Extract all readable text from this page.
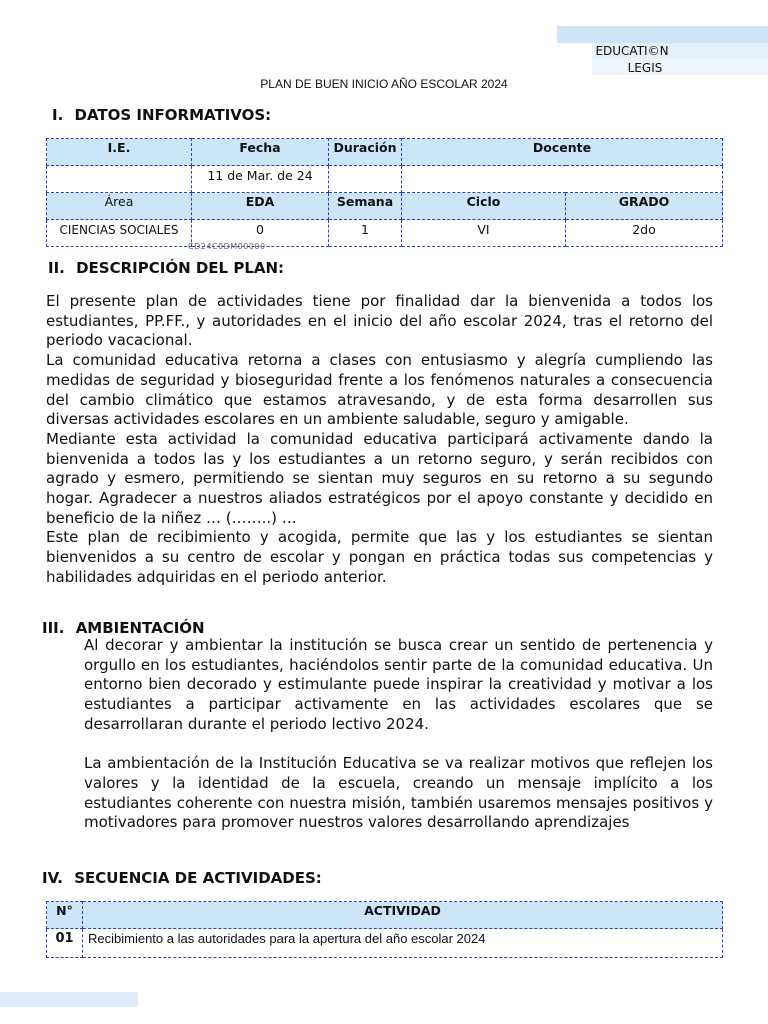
EDUCATI©N
LEGIS
PLAN DE BUEN INICIO AÑO ESCOLAR 2024
I. DATOS INFORMATIVOS:
I.E.	Fecha	Duración	Docente	
	11 de Mar. de 24			
Área	EDA	Semana	Ciclo	GRADO
CIENCIAS SOCIALES	0	1	VI	2do
CD24C0DM00000
II. DESCRIPCIÓN DEL PLAN:
El presente plan de actividades tiene por finalidad dar la bienvenida a todos los estudiantes, PP.FF., y autoridades en el inicio del año escolar 2024, tras el retorno del periodo vacacional.
La comunidad educativa retorna a clases con entusiasmo y alegría cumpliendo las medidas de seguridad y bioseguridad frente a los fenómenos naturales a consecuencia del cambio climático que estamos atravesando, y de esta forma desarrollen sus diversas actividades escolares en un ambiente saludable, seguro y amigable.
Mediante esta actividad la comunidad educativa participará activamente dando la bienvenida a todos las y los estudiantes a un retorno seguro, y serán recibidos con agrado y esmero, permitiendo se sientan muy seguros en su retorno a su segundo hogar. Agradecer a nuestros aliados estratégicos por el apoyo constante y decidido en beneficio de la niñez … (……..) …
Este plan de recibimiento y acogida, permite que las y los estudiantes se sientan bienvenidos a su centro de escolar y pongan en práctica todas sus competencias y habilidades adquiridas en el periodo anterior.
III. AMBIENTACIÓN
Al decorar y ambientar la institución se busca crear un sentido de pertenencia y orgullo en los estudiantes, haciéndolos sentir parte de la comunidad educativa. Un entorno bien decorado y estimulante puede inspirar la creatividad y motivar a los estudiantes a participar activamente en las actividades escolares que se desarrollaran durante el periodo lectivo 2024.
La ambientación de la Institución Educativa se va realizar motivos que reflejen los valores y la identidad de la escuela, creando un mensaje implícito a los estudiantes coherente con nuestra misión, también usaremos mensajes positivos y motivadores para promover nuestros valores desarrollando aprendizajes
IV. SECUENCIA DE ACTIVIDADES:
N°	ACTIVIDAD
01	Recibimiento a las autoridades para la apertura del año escolar 2024
